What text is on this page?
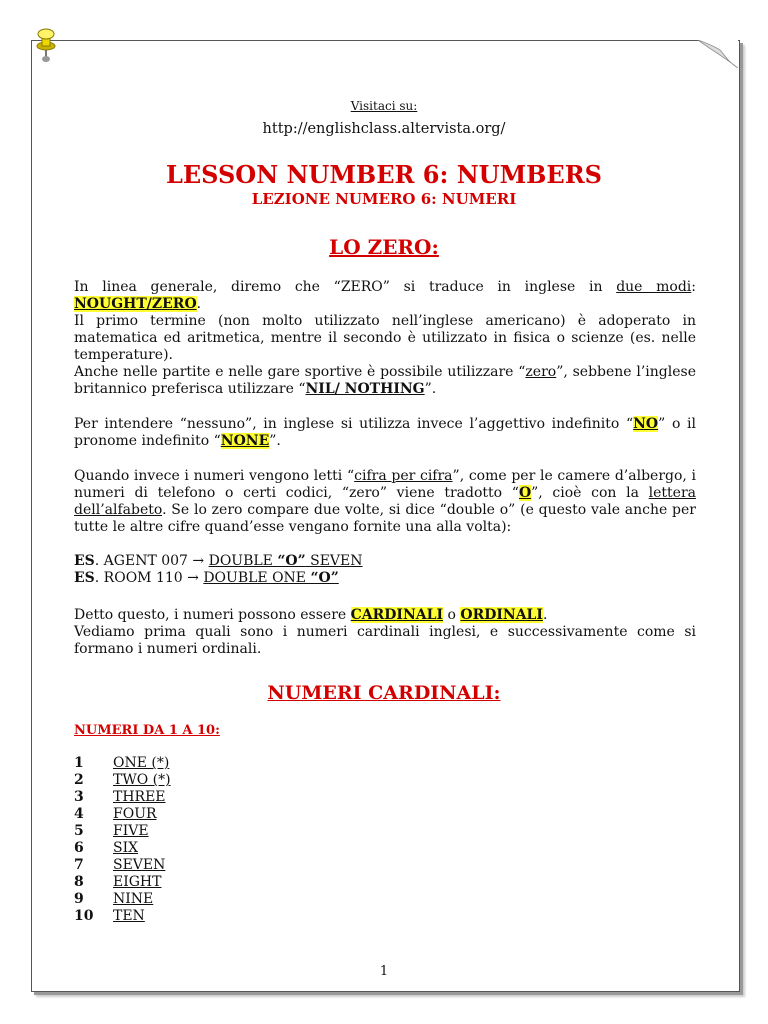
Visitaci su:
http://englishclass.altervista.org/
LESSON NUMBER 6: NUMBERS
LEZIONE NUMERO 6: NUMERI
LO ZERO:

In linea generale, diremo che “ZERO” si traduce in inglese in due modi: NOUGHT/ZERO.

Il primo termine (non molto utilizzato nell’inglese americano) è adoperato in matematica ed aritmetica, mentre il secondo è utilizzato in fisica o scienze (es. nelle temperature).

Anche nelle partite e nelle gare sportive è possibile utilizzare “zero”, sebbene l’inglese britannico preferisca utilizzare “NIL/ NOTHING”.

Per intendere “nessuno”, in inglese si utilizza invece l’aggettivo indefinito “NO” o il pronome indefinito “NONE”.

Quando invece i numeri vengono letti “cifra per cifra”, come per le camere d’albergo, i numeri di telefono o certi codici, “zero” viene tradotto “O”, cioè con la lettera dell’alfabeto. Se lo zero compare due volte, si dice “double o” (e questo vale anche per tutte le altre cifre quand’esse vengano fornite una alla volta):

ES. AGENT 007 → DOUBLE “O” SEVEN

ES. ROOM 110 → DOUBLE ONE “O”

Detto questo, i numeri possono essere CARDINALI o ORDINALI.

Vediamo prima quali sono i numeri cardinali inglesi, e successivamente come si formano i numeri ordinali.

NUMERI CARDINALI:
NUMERI DA 1 A 10:
1 ONE (*)
2 TWO (*)
3 THREE
4 FOUR
5 FIVE
6 SIX
7 SEVEN
8 EIGHT
9 NINE
10 TEN
1
